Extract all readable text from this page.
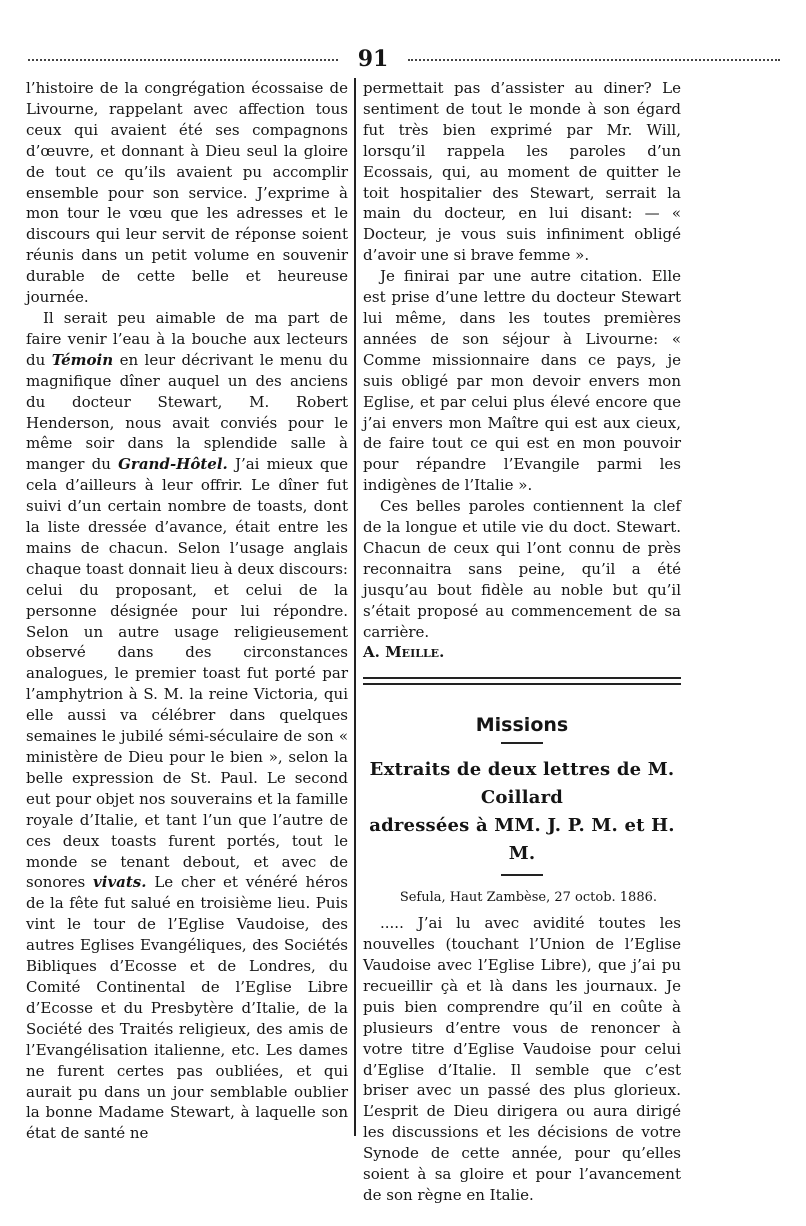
91

l’histoire de la congrégation écossaise de Livourne, rappelant avec affection tous ceux qui avaient été ses compagnons d’œuvre, et donnant à Dieu seul la gloire de tout ce qu’ils avaient pu accomplir ensemble pour son service. J’exprime à mon tour le vœu que les adresses et le discours qui leur servit de réponse soient réunis dans un petit volume en souvenir durable de cette belle et heureuse journée.

Il serait peu aimable de ma part de faire venir l’eau à la bouche aux lecteurs du Témoin en leur décrivant le menu du magnifique dîner auquel un des anciens du docteur Stewart, M. Robert Henderson, nous avait conviés pour le même soir dans la splendide salle à manger du Grand-Hôtel. J’ai mieux que cela d’ailleurs à leur offrir. Le dîner fut suivi d’un certain nombre de toasts, dont la liste dressée d’avance, était entre les mains de chacun. Selon l’usage anglais chaque toast donnait lieu à deux discours: celui du proposant, et celui de la personne désignée pour lui répondre. Selon un autre usage religieusement observé dans des circonstances analogues, le premier toast fut porté par l’amphytrion à S. M. la reine Victoria, qui elle aussi va célébrer dans quelques semaines le jubilé sémi-séculaire de son « ministère de Dieu pour le bien », selon la belle expression de St. Paul. Le second eut pour objet nos souverains et la famille royale d’Italie, et tant l’un que l’autre de ces deux toasts furent portés, tout le monde se tenant debout, et avec de sonores vivats. Le cher et vénéré héros de la fête fut salué en troisième lieu. Puis vint le tour de l’Eglise Vaudoise, des autres Eglises Evangéliques, des Sociétés Bibliques d’Ecosse et de Londres, du Comité Continental de l’Eglise Libre d’Ecosse et du Presbytère d’Italie, de la Société des Traités religieux, des amis de l’Evangélisation italienne, etc. Les dames ne furent certes pas oubliées, et qui aurait pu dans un jour semblable oublier la bonne Madame Stewart, à laquelle son état de santé ne

permettait pas d’assister au diner? Le sentiment de tout le monde à son égard fut très bien exprimé par Mr. Will, lorsqu’il rappela les paroles d’un Ecossais, qui, au moment de quitter le toit hospitalier des Stewart, serrait la main du docteur, en lui disant: — « Docteur, je vous suis infiniment obligé d’avoir une si brave femme ».

Je finirai par une autre citation. Elle est prise d’une lettre du docteur Stewart lui même, dans les toutes premières années de son séjour à Livourne: « Comme missionnaire dans ce pays, je suis obligé par mon devoir envers mon Eglise, et par celui plus élevé encore que j’ai envers mon Maître qui est aux cieux, de faire tout ce qui est en mon pouvoir pour répandre l’Evangile parmi les indigènes de l’Italie ».

Ces belles paroles contiennent la clef de la longue et utile vie du doct. Stewart. Chacun de ceux qui l’ont connu de près reconnaitra sans peine, qu’il a été jusqu’au bout fidèle au noble but qu’il s’était proposé au commencement de sa carrière.

A. Meille.

Missions
Extraits de deux lettres de M. Coillard
adressées à MM. J. P. M. et H. M.
Sefula, Haut Zambèse, 27 octob. 1886.

..... J’ai lu avec avidité toutes les nouvelles (touchant l’Union de l’Eglise Vaudoise avec l’Eglise Libre), que j’ai pu recueillir çà et là dans les journaux. Je puis bien comprendre qu’il en coûte à plusieurs d’entre vous de renoncer à votre titre d’Eglise Vaudoise pour celui d’Eglise d’Italie. Il semble que c’est briser avec un passé des plus glorieux. L’esprit de Dieu dirigera ou aura dirigé les discussions et les décisions de votre Synode de cette année, pour qu’elles soient à sa gloire et pour l’avancement de son règne en Italie.
